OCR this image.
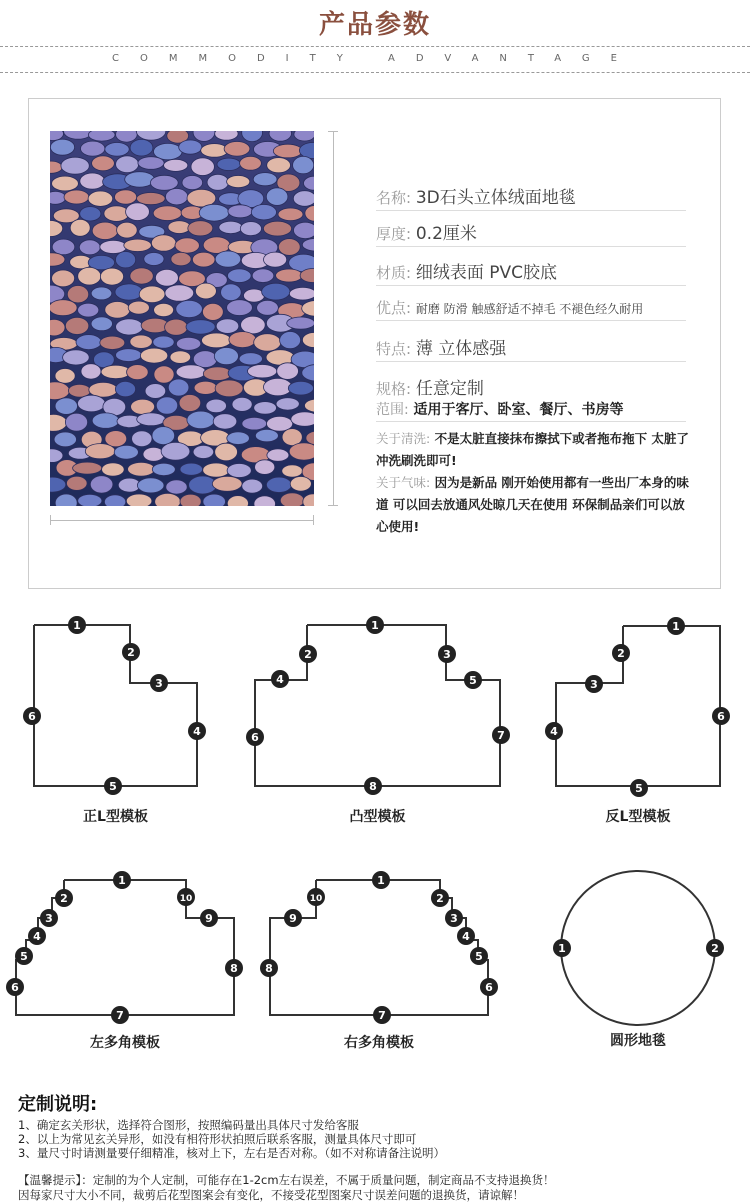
产品参数
COMMODITY ADVANTAGE
名称: 3D石头立体绒面地毯
厚度: 0.2厘米
材质: 细绒表面 PVC胶底
优点: 耐磨 防滑 触感舒适不掉毛 不褪色经久耐用
特点: 薄 立体感强
规格: 任意定制
范围: 适用于客厅、卧室、餐厅、书房等
关于清洗: 不是太脏直接抹布擦拭下或者拖布拖下 太脏了冲洗刷洗即可!
关于气味: 因为是新品 刚开始使用都有一些出厂本身的味道 可以回去放通风处晾几天在使用 环保制品亲们可以放心使用!
1
2
3
4
5
6
1
2	3
4	5
6	7
8
1
2
3
4
5
6
1
2
3
4
5
6
7
8
9
10
1
2
3
4
5
6
7
8
9
10
1	2
正L型模板	凸型模板	反L型模板
左多角模板	右多角模板	圆形地毯
定制说明:
1、确定玄关形状，选择符合图形，按照编码量出具体尺寸发给客服
2、以上为常见玄关异形，如没有相符形状拍照后联系客服，测量具体尺寸即可
3、量尺寸时请测量要仔细精准，核对上下，左右是否对称。（如不对称请备注说明）
【温馨提示】：定制的为个人定制，可能存在1-2cm左右误差，不属于质量问题，制定商品不支持退换货！
因每家尺寸大小不同，裁剪后花型图案会有变化，不接受花型图案尺寸误差问题的退换货，请谅解！
